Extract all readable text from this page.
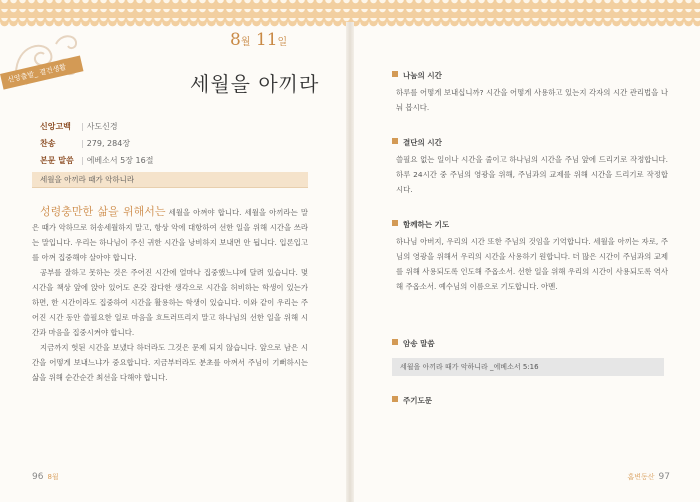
신앙출발_ 결건생활
8월 11일
세월을 아끼라
신앙고백 | 사도신경
찬송	| 279, 284장
본문 말씀 | 에베소서 5장 16절
세월을 아끼라 때가 악하니라

성령충만한 삶을 위해서는 세월을 아껴야 합니다. 세월을 아끼라는 말은 때가 악하므로 허송세월하지 말고, 항상 악에 대항하여 선한 일을 위해 시간을 쓰라는 말입니다. 우리는 하나님이 주신 귀한 시간을 낭비하지 보내면 안 됩니다. 입론입고를 아껴 집중해야 살아야 합니다.

공부를 잘하고 못하는 것은 주어진 시간에 얼마나 집중했느냐에 달려 있습니다. 몇 시간을 책상 앞에 앉아 있어도 온갖 잡다한 생각으로 시간을 허비하는 학생이 있는가 하면, 한 시간이라도 집중하여 시간을 활용하는 학생이 있습니다. 이와 같이 우리는 주어진 시간 동안 쓸필요한 일로 마음을 흐트러뜨리지 말고 하나님의 선한 일을 위해 시간과 마음을 집중시켜야 합니다.

지금까지 헛된 시간을 보냈다 하더라도 그것은 문제 되지 않습니다. 앞으로 남은 시간을 어떻게 보내느냐가 중요합니다. 지금부터라도 분초를 아껴서 주님이 기뻐하시는 삶을 위해 순간순간 최선을 다해야 합니다.

96 8월
나눔의 시간
하루를 어떻게 보내십니까? 시간을 어떻게 사용하고 있는지 각자의 시간 관리법을 나눠 봅시다.
결단의 시간
쓸필요 없는 일이나 시간을 줄이고 하나님의 시간을 주님 앞에 드리기로 작정합니다. 하루 24시간 중 주님의 영광을 위해, 주님과의 교제를 위해 시간을 드리기로 작정합시다.
함께하는 기도
하나님 아버지, 우리의 시간 또한 주님의 것임을 기억합니다. 세월을 아끼는 자로, 주님의 영광을 위해서 우리의 시간을 사용하기 원합니다. 더 많은 시간이 주님과의 교제를 위해 사용되도록 인도해 주옵소서. 선한 일을 위해 우리의 시간이 사용되도록 역사해 주옵소서. 예수님의 이름으로 기도합니다. 아멘.
암송 말씀
세월을 아끼라 때가 악하니라 _에베소서 5:16
주기도문
홈변동산 97
